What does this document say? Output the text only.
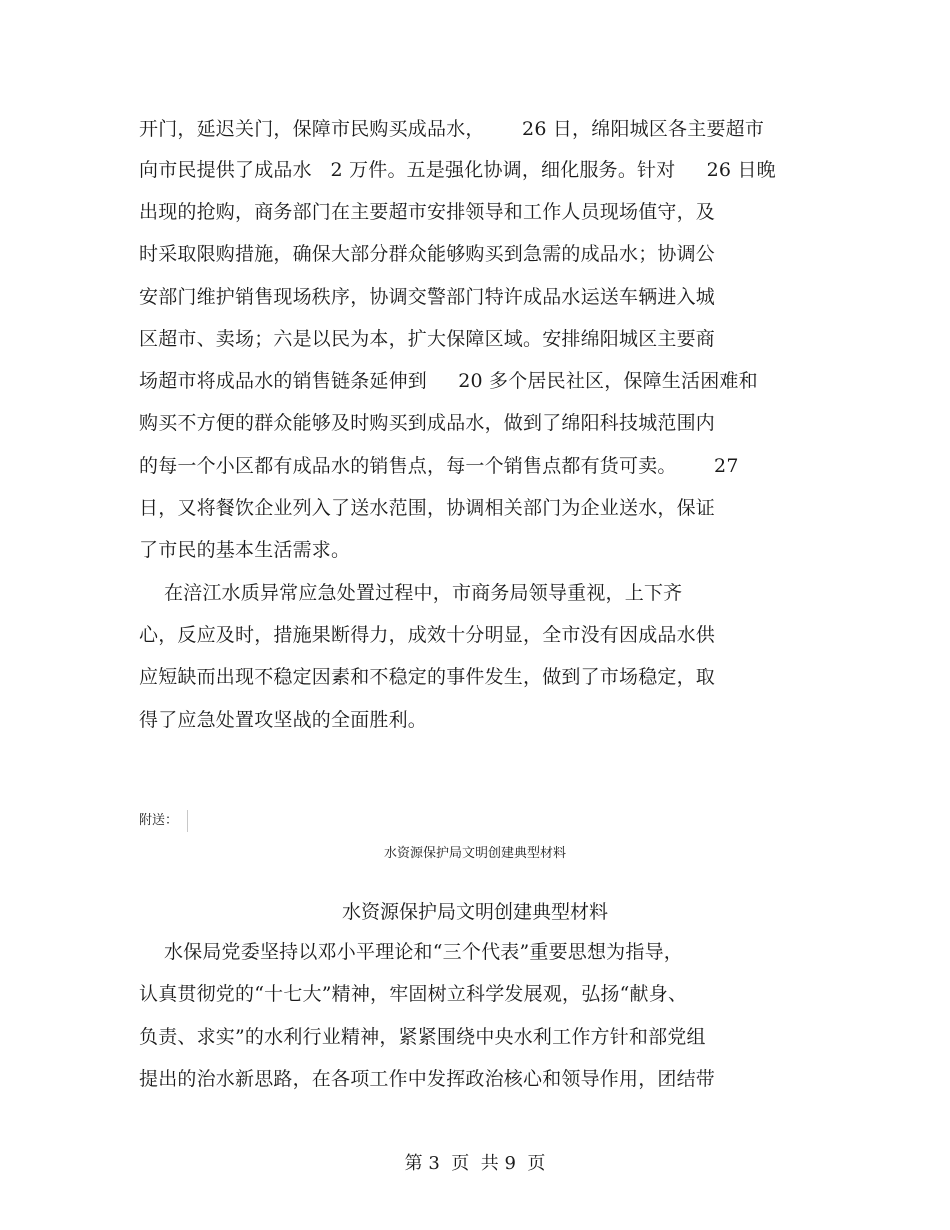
开门，延迟关门，保障市民购买成品水，      26 日，绵阳城区各主要超市
向市民提供了成品水   2 万件。五是强化协调，细化服务。针对     26 日晚
出现的抢购，商务部门在主要超市安排领导和工作人员现场值守，及
时采取限购措施，确保大部分群众能够购买到急需的成品水；协调公
安部门维护销售现场秩序，协调交警部门特许成品水运送车辆进入城
区超市、卖场；六是以民为本，扩大保障区域。安排绵阳城区主要商
场超市将成品水的销售链条延伸到     20 多个居民社区，保障生活困难和
购买不方便的群众能够及时购买到成品水，做到了绵阳科技城范围内
的每一个小区都有成品水的销售点，每一个销售点都有货可卖。      27
日，又将餐饮企业列入了送水范围，协调相关部门为企业送水，保证
了市民的基本生活需求。
在涪江水质异常应急处置过程中，市商务局领导重视，上下齐
心，反应及时，措施果断得力，成效十分明显，全市没有因成品水供
应短缺而出现不稳定因素和不稳定的事件发生，做到了市场稳定，取
得了应急处置攻坚战的全面胜利。
附送：
水资源保护局文明创建典型材料
水资源保护局文明创建典型材料
水保局党委坚持以邓小平理论和“三个代表”重要思想为指导，
认真贯彻党的“十七大”精神，牢固树立科学发展观，弘扬“献身、
负责、求实”的水利行业精神，紧紧围绕中央水利工作方针和部党组
提出的治水新思路，在各项工作中发挥政治核心和领导作用，团结带
第 3  页  共 9  页
